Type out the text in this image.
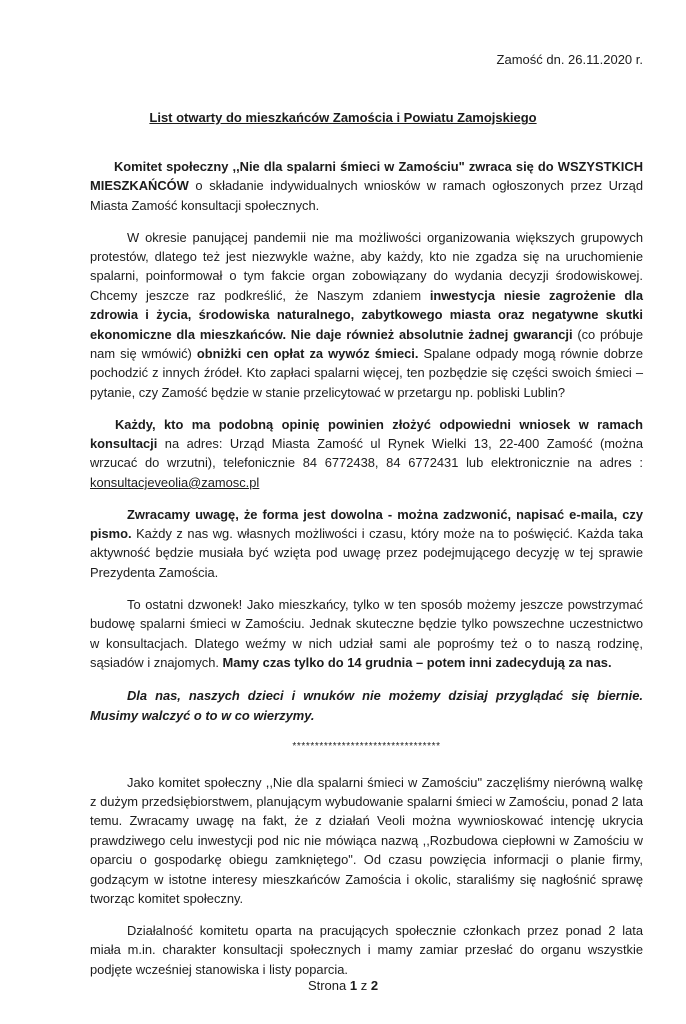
Zamość dn. 26.11.2020 r.
List otwarty do mieszkańców Zamościa i Powiatu Zamojskiego

Komitet społeczny ,,Nie dla spalarni śmieci w Zamościu" zwraca się do WSZYSTKICH MIESZKAŃCÓW o składanie indywidualnych wniosków w ramach ogłoszonych przez Urząd Miasta Zamość konsultacji społecznych.

W okresie panującej pandemii nie ma możliwości organizowania większych grupowych protestów, dlatego też jest niezwykle ważne, aby każdy, kto nie zgadza się na uruchomienie spalarni, poinformował o tym fakcie organ zobowiązany do wydania decyzji środowiskowej. Chcemy jeszcze raz podkreślić, że Naszym zdaniem inwestycja niesie zagrożenie dla zdrowia i życia, środowiska naturalnego, zabytkowego miasta oraz negatywne skutki ekonomiczne dla mieszkańców. Nie daje również absolutnie żadnej gwarancji (co próbuje nam się wmówić) obniżki cen opłat za wywóz śmieci. Spalane odpady mogą równie dobrze pochodzić z innych źródeł. Kto zapłaci spalarni więcej, ten pozbędzie się części swoich śmieci – pytanie, czy Zamość będzie w stanie przelicytować w przetargu np. pobliski Lublin?

Każdy, kto ma podobną opinię powinien złożyć odpowiedni wniosek w ramach konsultacji na adres: Urząd Miasta Zamość ul Rynek Wielki 13, 22-400 Zamość (można wrzucać do wrzutni), telefonicznie 84 6772438, 84 6772431 lub elektronicznie na adres : konsultacjeveolia@zamosc.pl

Zwracamy uwagę, że forma jest dowolna - można zadzwonić, napisać e-maila, czy pismo. Każdy z nas wg. własnych możliwości i czasu, który może na to poświęcić. Każda taka aktywność będzie musiała być wzięta pod uwagę przez podejmującego decyzję w tej sprawie Prezydenta Zamościa.

To ostatni dzwonek! Jako mieszkańcy, tylko w ten sposób możemy jeszcze powstrzymać budowę spalarni śmieci w Zamościu. Jednak skuteczne będzie tylko powszechne uczestnictwo w konsultacjach. Dlatego weźmy w nich udział sami ale poprośmy też o to naszą rodzinę, sąsiadów i znajomych. Mamy czas tylko do 14 grudnia – potem inni zadecydują za nas.

Dla nas, naszych dzieci i wnuków nie możemy dzisiaj przyglądać się biernie. Musimy walczyć o to w co wierzymy.

*********************************

Jako komitet społeczny ,,Nie dla spalarni śmieci w Zamościu" zaczęliśmy nierówną walkę z dużym przedsiębiorstwem, planującym wybudowanie spalarni śmieci w Zamościu, ponad 2 lata temu. Zwracamy uwagę na fakt, że z działań Veoli można wywnioskować intencję ukrycia prawdziwego celu inwestycji pod nic nie mówiąca nazwą ,,Rozbudowa ciepłowni w Zamościu w oparciu o gospodarkę obiegu zamkniętego". Od czasu powzięcia informacji o planie firmy, godzącym w istotne interesy mieszkańców Zamościa i okolic, staraliśmy się nagłośnić sprawę tworząc komitet społeczny.

Działalność komitetu oparta na pracujących społecznie członkach przez ponad 2 lata miała m.in. charakter konsultacji społecznych i mamy zamiar przesłać do organu wszystkie podjęte wcześniej stanowiska i listy poparcia.

Strona 1 z 2
